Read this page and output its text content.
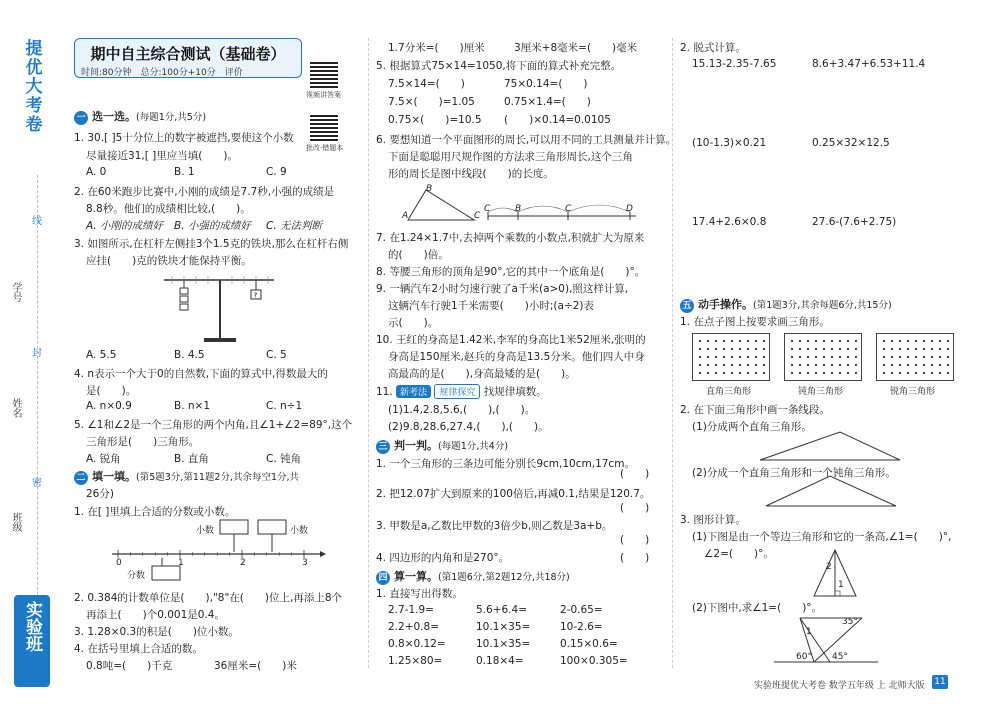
提优大考卷
线
封
密
学号
姓名
班级
实验班
期中自主综合测试（基础卷）
时间:80分钟　总分:100分+10分　评价
视频讲答案
批改·错题本
一 选一选。(每题1分,共5分)
1. 30.[ ]5十分位上的数字被遮挡,要使这个小数
尽量接近31,[ ]里应当填(　　)。
A. 0	B. 1	C. 9
2. 在60米跑步比赛中,小刚的成绩是7.7秒,小强的成绩是
8.8秒。他们的成绩相比较,(　　)。
A. 小刚的成绩好 B. 小强的成绩好 C. 无法判断
3. 如图所示,在杠杆左侧挂3个1.5克的铁块,那么在杠杆右侧
应挂(　　)克的铁块才能保持平衡。
?
A. 5.5	B. 4.5	C. 5
4. n表示一个大于0的自然数,下面的算式中,得数最大的
是(　　)。
A. n×0.9	B. n×1	C. n÷1
5. ∠1和∠2是一个三角形的两个内角,且∠1+∠2=89°,这个
三角形是(　　)三角形。
A. 锐角	B. 直角	C. 钝角
二 填一填。(第5题3分,第11题2分,其余每空1分,共
26分)
1. 在[ ]里填上合适的分数或小数。
小数	小数
分数
0	1	2	3
2. 0.384的计数单位是(　　),"8"在(　　)位上,再添上8个
再添上(　　)个0.001是0.4。
3. 1.28×0.3的积是(　　)位小数。
4. 在括号里填上合适的数。
0.8吨=(　　)千克	36厘米=(　　)米
1.7分米=(　　)厘米	3厘米+8毫米=(　　)毫米
5. 根据算式75×14=1050,将下面的算式补充完整。
7.5×14=(　　)	75×0.14=(　　)
7.5×(　　)=1.05	0.75×1.4=(　　)
0.75×(　　)=10.5 (　　)×0.14=0.0105
6. 要想知道一个平面图形的周长,可以用不同的工具测量并计算。
下面是聪聪用尺规作图的方法求三角形周长,这个三角
形的周长是图中线段(　　)的长度。
A
B
C
C	B	C	D
7. 在1.24×1.7中,去掉两个乘数的小数点,积就扩大为原来
的(　　)倍。
8. 等腰三角形的顶角是90°,它的其中一个底角是(　　)°。
9. 一辆汽车2小时匀速行驶了a千米(a>0),照这样计算,
这辆汽车行驶1千米需要(　　)小时;(a÷2)表
示(　　)。
10. 王红的身高是1.42米,李军的身高比1米52厘米,张明的
身高是150厘米,赵兵的身高是13.5分米。他们四人中身
高最高的是(　　),身高最矮的是(　　)。
11. 新考法 规律探究 找规律填数。
(1)1.4,2.8,5.6,(　　),(　　)。
(2)9.8,28.6,27.4,(　　),(　　)。
三 判一判。(每题1分,共4分)
1. 一个三角形的三条边可能分别长9cm,10cm,17cm。
(　　)
2. 把12.07扩大到原来的100倍后,再减0.1,结果是120.7。
(　　)
3. 甲数是a,乙数比甲数的3倍少b,则乙数是3a+b。
(　　)
4. 四边形的内角和是270°。	(　　)
四 算一算。(第1题6分,第2题12分,共18分)
1. 直接写出得数。
2.7-1.9=	5.6+6.4=	2-0.65=
2.2+0.8=	10.1×35=	10-2.6=
0.8×0.12=	10.1×35=	0.15×0.6=
1.25×80=	0.18×4=	100×0.305=
2. 脱式计算。
15.13-2.35-7.65	8.6+3.47+6.53+11.4
(10-1.3)×0.21	0.25×32×12.5
17.4+2.6×0.8	27.6-(7.6+2.75)
五 动手操作。(第1题3分,其余每题6分,共15分)
1. 在点子图上按要求画三角形。
直角三角形	钝角三角形	锐角三角形
2. 在下面三角形中画一条线段。
(1)分成两个直角三角形。
(2)分成一个直角三角形和一个钝角三角形。
3. 图形计算。
(1)下图是由一个等边三角形和它的一条高,∠1=(　　)°,
∠2=(　　)°。
2
1
(2)下图中,求∠1=(　　)°。
1
35°
60° 45°
实验班提优大考卷 数学五年级 上 北师大版 11
